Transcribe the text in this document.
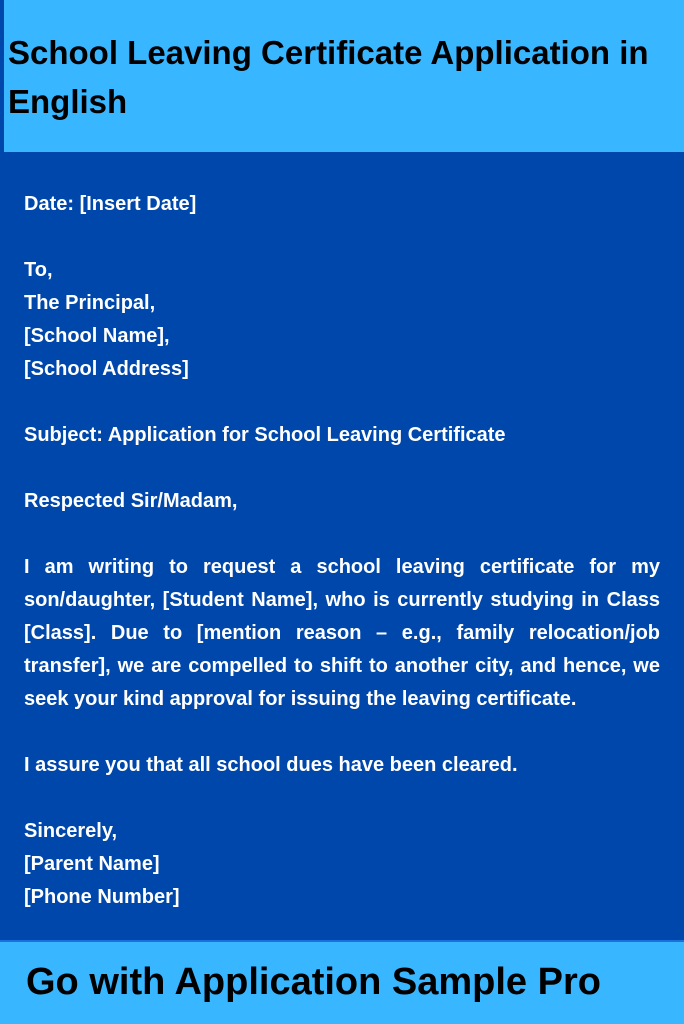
School Leaving Certificate Application in English

Date: [Insert Date]

To,

The Principal,

[School Name],

[School Address]

Subject: Application for School Leaving Certificate

Respected Sir/Madam,

I am writing to request a school leaving certificate for my son/daughter, [Student Name], who is currently studying in Class [Class]. Due to [mention reason – e.g., family relocation/job transfer], we are compelled to shift to another city, and hence, we seek your kind approval for issuing the leaving certificate.

I assure you that all school dues have been cleared.

Sincerely,

[Parent Name]

[Phone Number]

Go with Application Sample Pro
